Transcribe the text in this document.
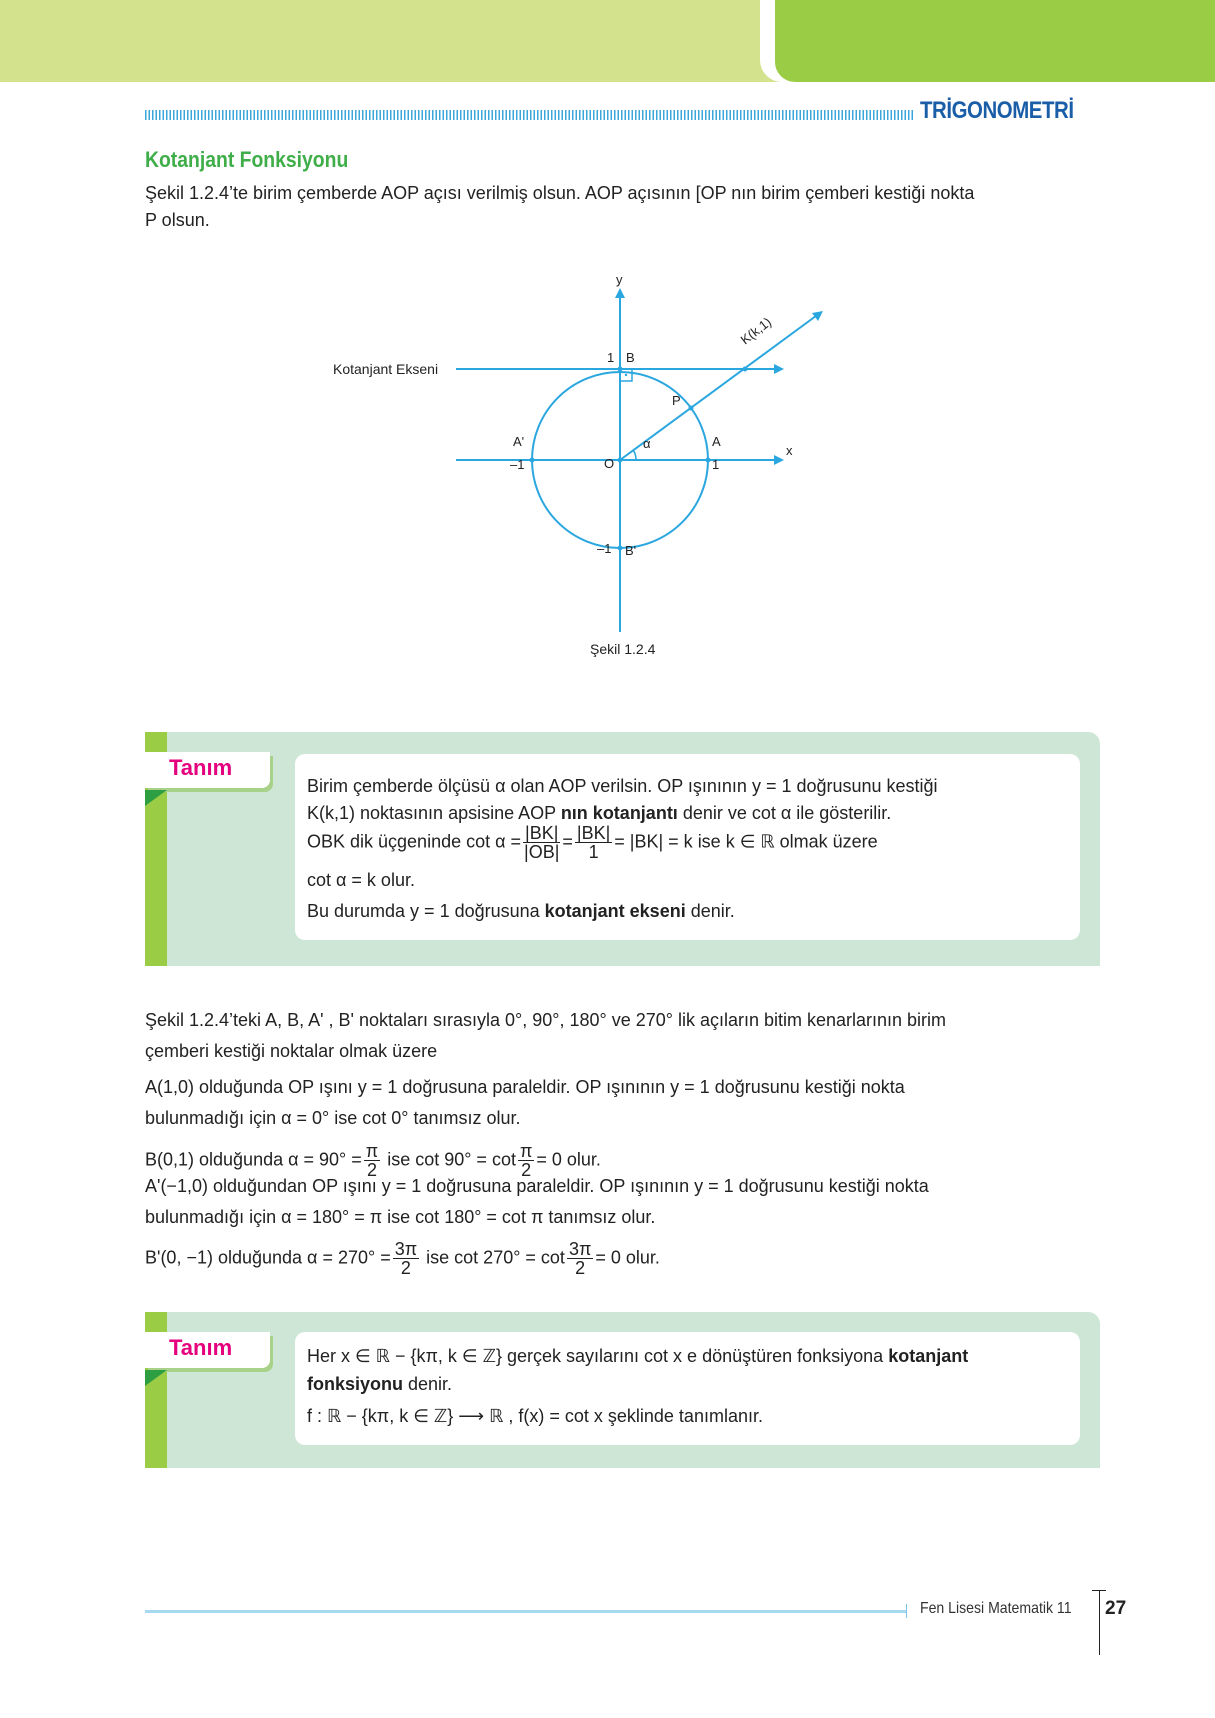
TRİGONOMETRİ
Kotanjant Fonksiyonu
Şekil 1.2.4’te birim çemberde AOP açısı verilmiş olsun. AOP açısının [OP nın birim çemberi kestiği nokta
P olsun.
Kotanjant Ekseni
y
x
1 B
P
K(k,1)
A'
–1
α	A
O	1
–1 B'
Şekil 1.2.4
Tanım
Birim çemberde ölçüsü α olan AOP verilsin. OP ışınının y = 1 doğrusunu kestiği
K(k,1) noktasının apsisine AOP nın kotanjantı denir ve cot α ile gösterilir.
OBK dik üçgeninde $\cot \alpha = \frac{|BK|}{|OB|} = \frac{|BK|}{1} = |BK| = k$ ise k ∈ ℝ olmak üzere
cot α = k olur.
Bu durumda y = 1 doğrusuna kotanjant ekseni denir.
Şekil 1.2.4’teki A, B, A' , B' noktaları sırasıyla 0°, 90°, 180° ve 270° lik açıların bitim kenarlarının birim
çemberi kestiği noktalar olmak üzere
A(1,0) olduğunda OP ışını y = 1 doğrusuna paraleldir. OP ışınının y = 1 doğrusunu kestiği nokta
bulunmadığı için α = 0° ise cot 0° tanımsız olur.
B(0,1) olduğunda $\alpha = 90^\circ = \frac{\pi}{2}$ ise $\cot 90^\circ = \cot \frac{\pi}{2} = 0$ olur.
A'(−1,0) olduğundan OP ışını y = 1 doğrusuna paraleldir. OP ışınının y = 1 doğrusunu kestiği nokta
bulunmadığı için α = 180° = π ise cot 180° = cot π tanımsız olur.
B'(0, −1) olduğunda $\alpha = 270^\circ = \frac{3\pi}{2}$ ise $\cot 270^\circ = \cot \frac{3\pi}{2} = 0$ olur.
Tanım	Her x ∈ ℝ − {kπ, k ∈ ℤ} gerçek sayılarını cot x e dönüştüren fonksiyona kotanjant
fonksiyonu denir.
f : ℝ − {kπ, k ∈ ℤ} ⟶ ℝ , f(x) = cot x şeklinde tanımlanır.
Fen Lisesi Matematik 11 27
